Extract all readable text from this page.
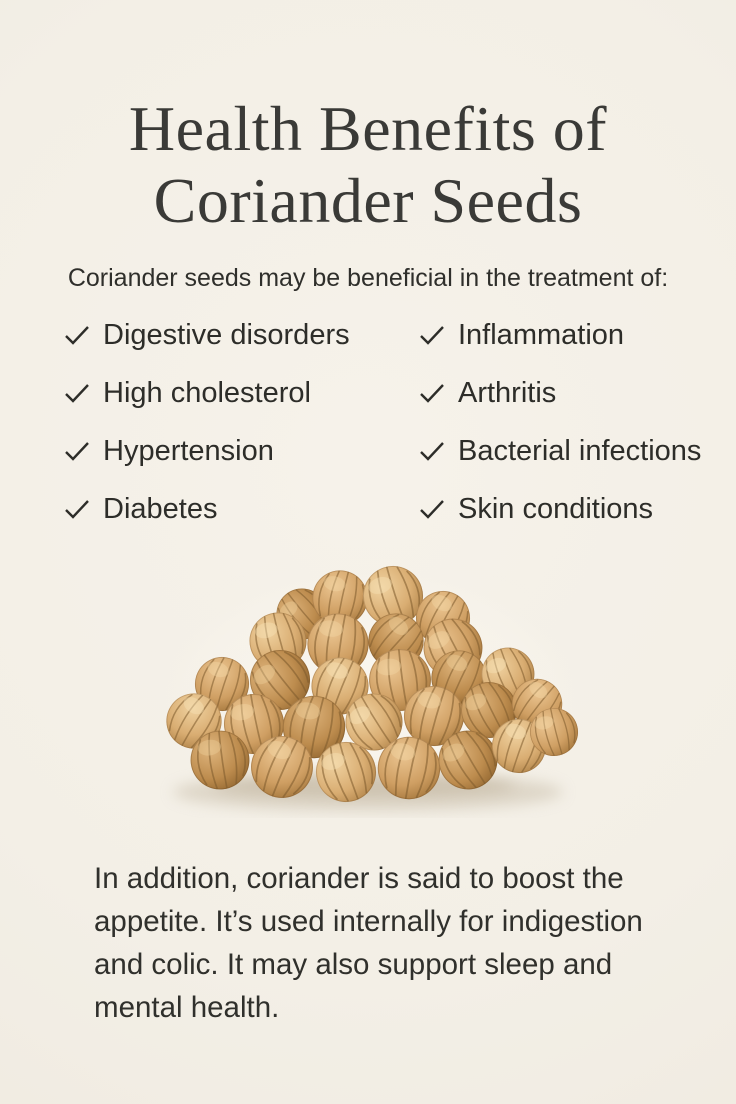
Health Benefits of
Coriander Seeds

Coriander seeds may be beneficial in the treatment of:

Digestive disorders
High cholesterol
Hypertension
Diabetes
Inflammation
Arthritis
Bacterial infections
Skin conditions
In addition, coriander is said to boost the
appetite. It’s used internally for indigestion
and colic. It may also support sleep and
mental health.
